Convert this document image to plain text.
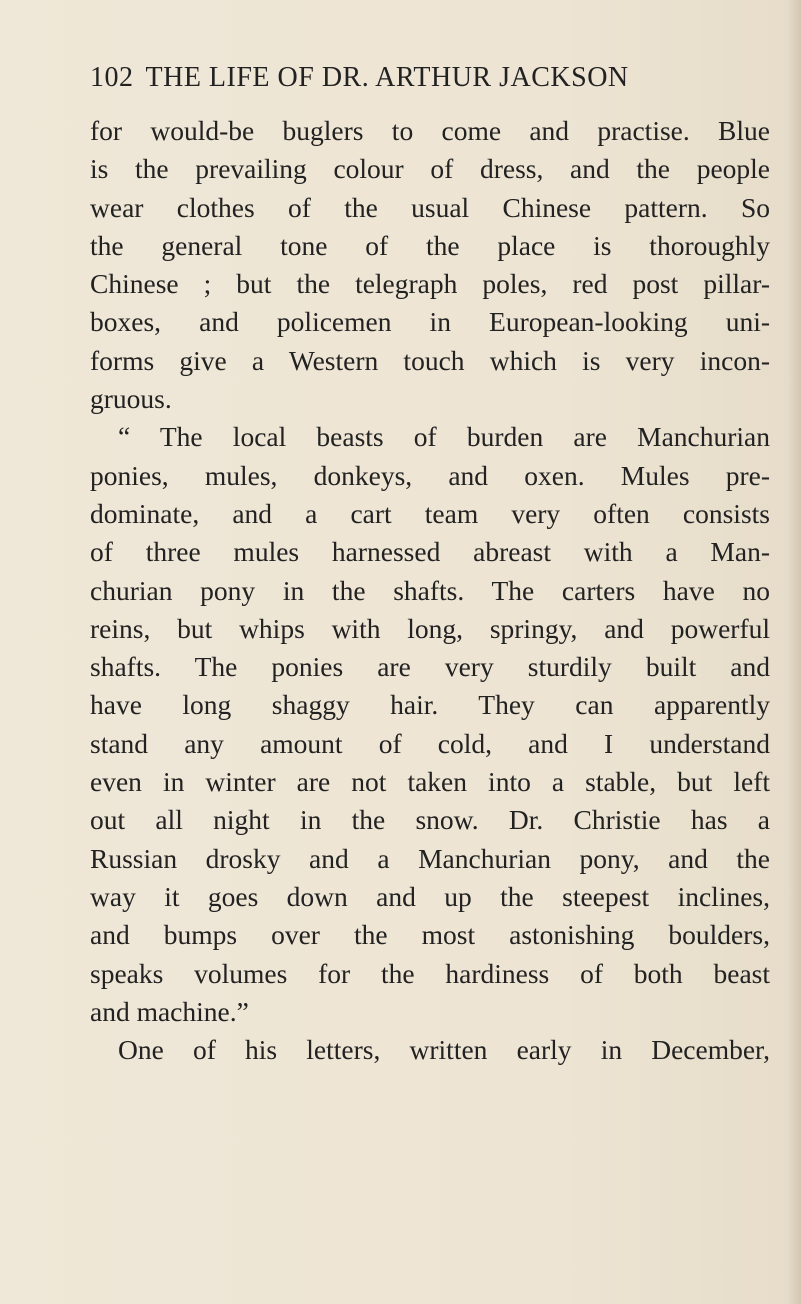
102 THE LIFE OF DR. ARTHUR JACKSON
for would-be buglers to come and practise. Blue
is the prevailing colour of dress, and the people
wear clothes of the usual Chinese pattern. So
the general tone of the place is thoroughly
Chinese ; but the telegraph poles, red post pillar-
boxes, and policemen in European-looking uni-
forms give a Western touch which is very incon-
gruous.
“ The local beasts of burden are Manchurian
ponies, mules, donkeys, and oxen. Mules pre-
dominate, and a cart team very often consists
of three mules harnessed abreast with a Man-
churian pony in the shafts. The carters have no
reins, but whips with long, springy, and powerful
shafts. The ponies are very sturdily built and
have long shaggy hair. They can apparently
stand any amount of cold, and I understand
even in winter are not taken into a stable, but left
out all night in the snow. Dr. Christie has a
Russian drosky and a Manchurian pony, and the
way it goes down and up the steepest inclines,
and bumps over the most astonishing boulders,
speaks volumes for the hardiness of both beast
and machine.”
One of his letters, written early in December,
